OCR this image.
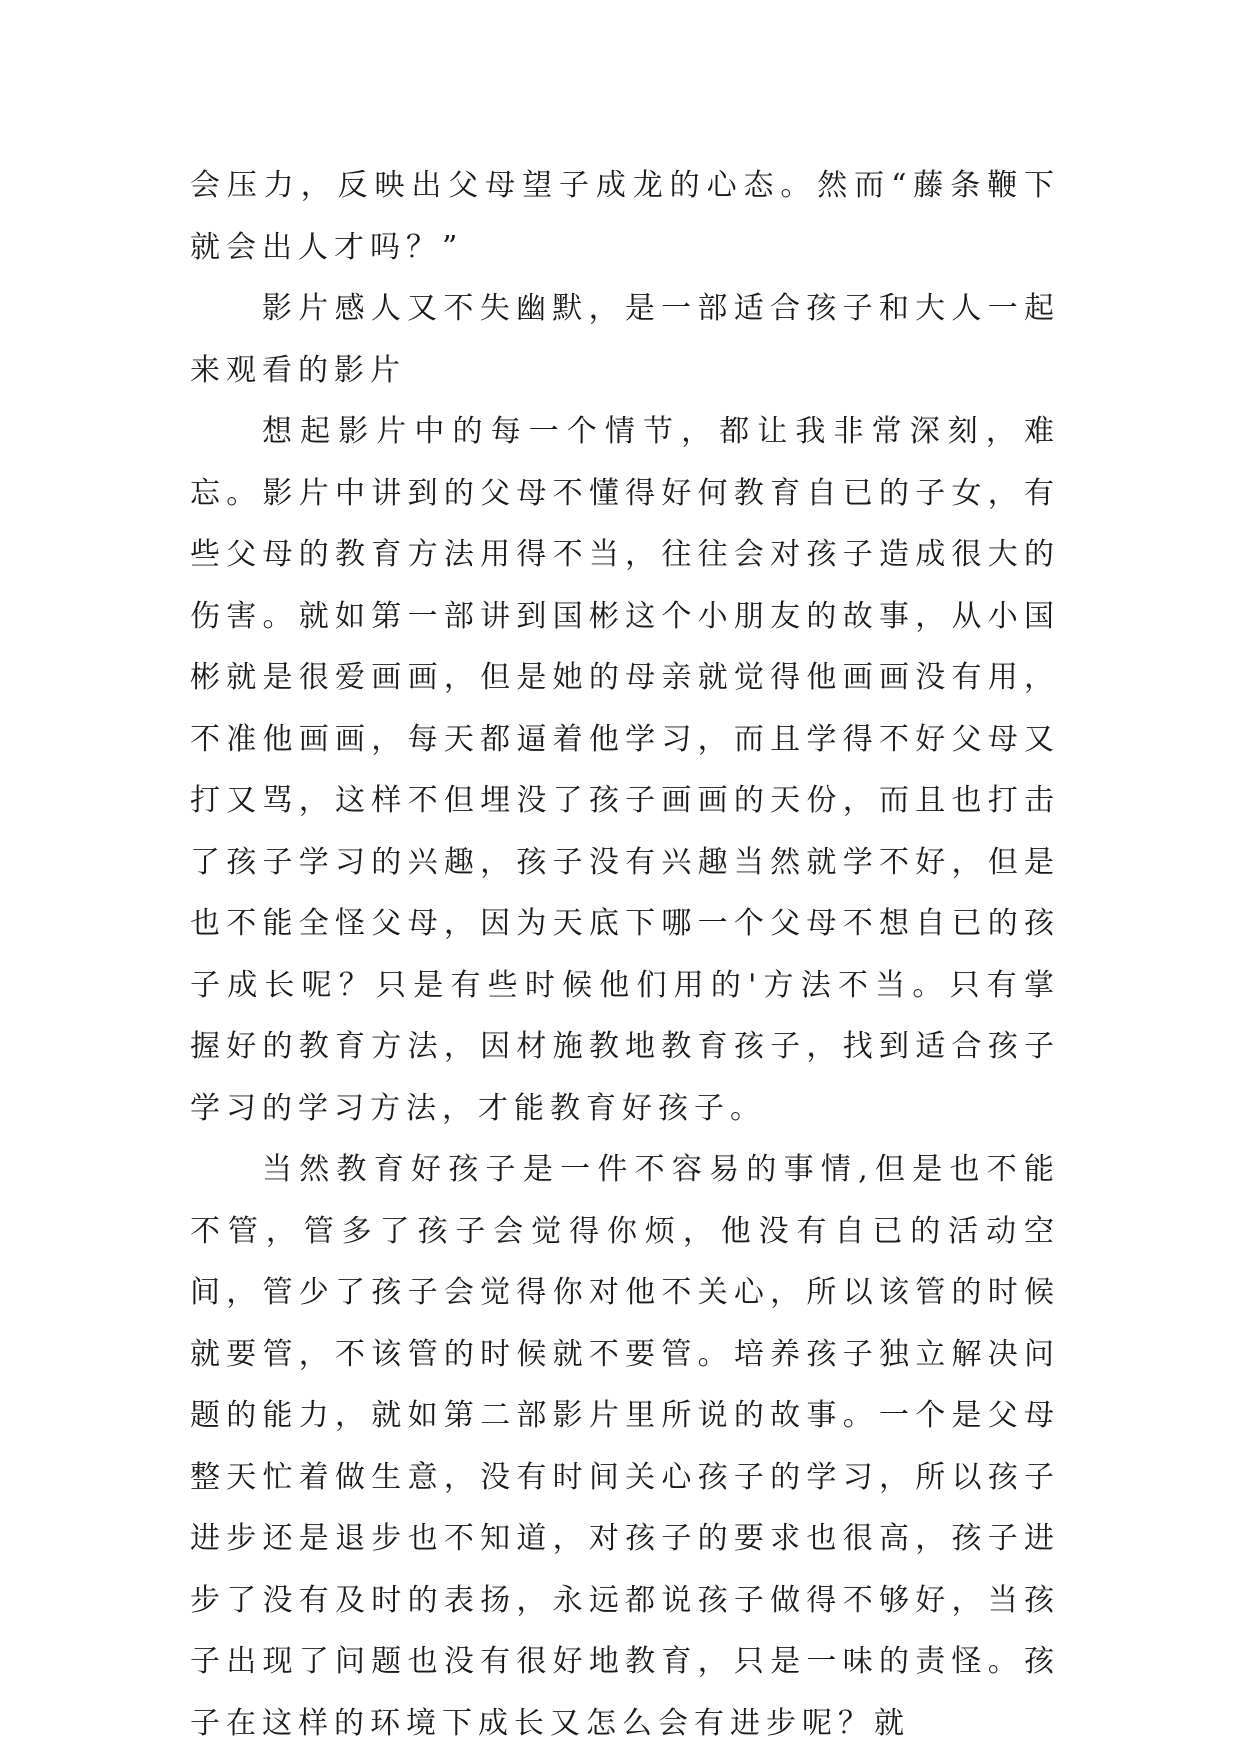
会压力，反映出父母望子成龙的心态。然而“藤条鞭下就会出人才吗？”

影片感人又不失幽默，是一部适合孩子和大人一起来观看的影片

想起影片中的每一个情节，都让我非常深刻，难忘。影片中讲到的父母不懂得好何教育自已的子女，有些父母的教育方法用得不当，往往会对孩子造成很大的伤害。就如第一部讲到国彬这个小朋友的故事，从小国彬就是很爱画画，但是她的母亲就觉得他画画没有用，不准他画画，每天都逼着他学习，而且学得不好父母又打又骂，这样不但埋没了孩子画画的天份，而且也打击了孩子学习的兴趣，孩子没有兴趣当然就学不好，但是也不能全怪父母，因为天底下哪一个父母不想自已的孩子成长呢？只是有些时候他们用的'方法不当。只有掌握好的教育方法，因材施教地教育孩子，找到适合孩子学习的学习方法，才能教育好孩子。

当然教育好孩子是一件不容易的事情,但是也不能不管，管多了孩子会觉得你烦，他没有自已的活动空间，管少了孩子会觉得你对他不关心，所以该管的时候就要管，不该管的时候就不要管。培养孩子独立解决问题的能力，就如第二部影片里所说的故事。一个是父母整天忙着做生意，没有时间关心孩子的学习，所以孩子进步还是退步也不知道，对孩子的要求也很高，孩子进步了没有及时的表扬，永远都说孩子做得不够好，当孩子出现了问题也没有很好地教育，只是一味的责怪。孩子在这样的环境下成长又怎么会有进步呢？就
